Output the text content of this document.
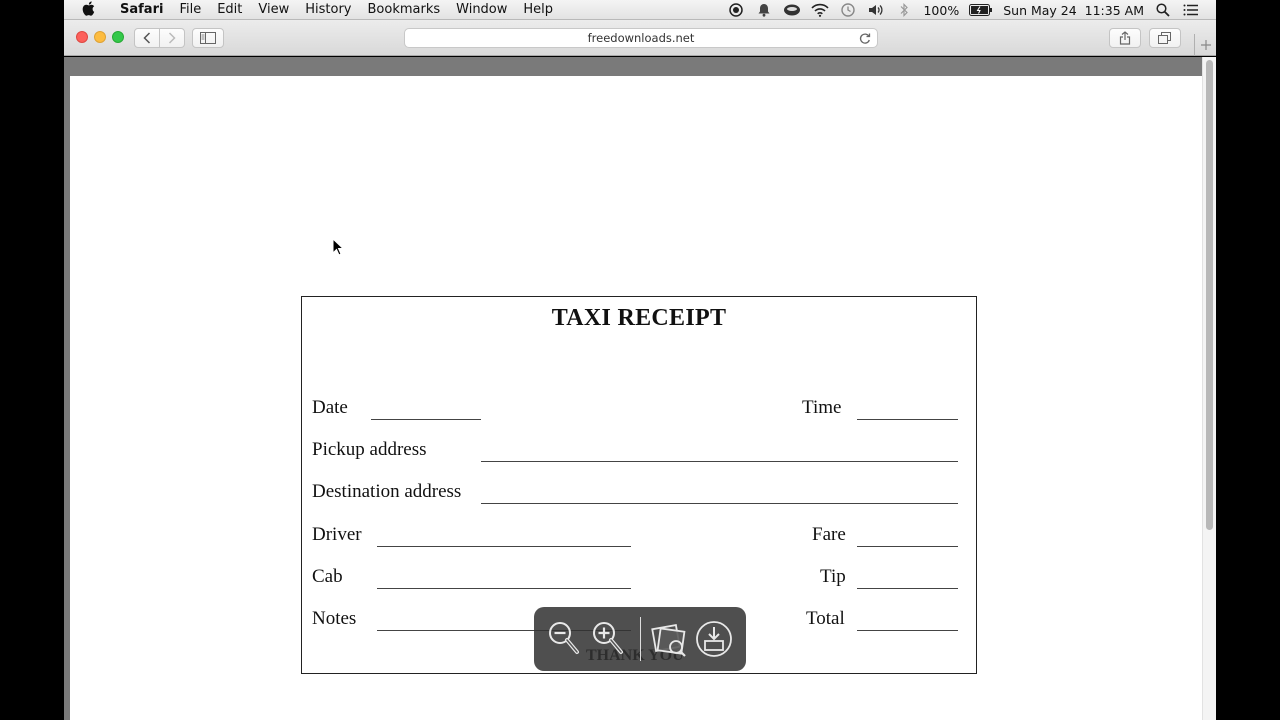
Safari	File	Edit	View	History	Bookmarks	Window	Help	100%	Sun May 24  11:35 AM
freedownloads.net
TAXI RECEIPT
Date	Time
Pickup address
Destination address
Driver	Fare
Cab	Tip
Notes	Total
